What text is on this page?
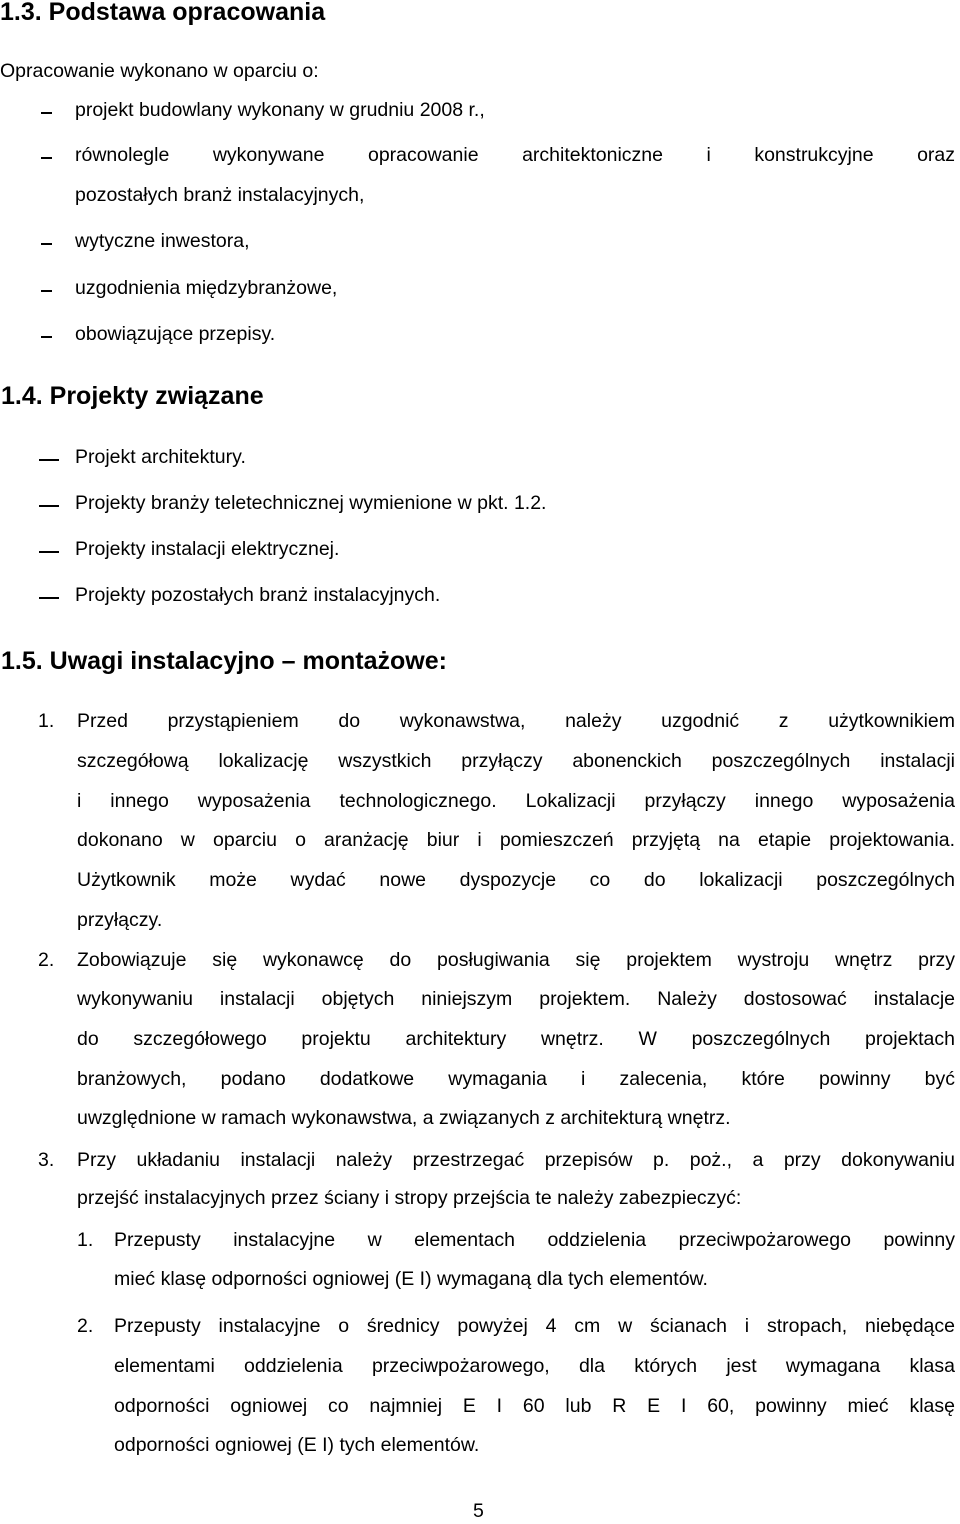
1.3. Podstawa opracowania
Opracowanie wykonano w oparciu o:
projekt budowlany wykonany w grudniu 2008 r.,
równolegle wykonywane opracowanie architektoniczne i konstrukcyjne oraz
pozostałych branż instalacyjnych,
wytyczne inwestora,
uzgodnienia międzybranżowe,
obowiązujące przepisy.
1.4. Projekty związane
Projekt architektury.
Projekty branży teletechnicznej wymienione w pkt. 1.2.
Projekty instalacji elektrycznej.
Projekty pozostałych branż instalacyjnych.
1.5. Uwagi instalacyjno – montażowe:
1. Przed przystąpieniem do wykonawstwa, należy uzgodnić z użytkownikiem
szczegółową lokalizację wszystkich przyłączy abonenckich poszczególnych instalacji
i innego wyposażenia technologicznego. Lokalizacji przyłączy innego wyposażenia
dokonano w oparciu o aranżację biur i pomieszczeń przyjętą na etapie projektowania.
Użytkownik może wydać nowe dyspozycje co do lokalizacji poszczególnych
przyłączy.
2. Zobowiązuje się wykonawcę do posługiwania się projektem wystroju wnętrz przy
wykonywaniu instalacji objętych niniejszym projektem. Należy dostosować instalacje
do szczegółowego projektu architektury wnętrz. W poszczególnych projektach
branżowych, podano dodatkowe wymagania i zalecenia, które powinny być
uwzględnione w ramach wykonawstwa, a związanych z architekturą wnętrz.
3. Przy układaniu instalacji należy przestrzegać przepisów p. poż., a przy dokonywaniu
przejść instalacyjnych przez ściany i stropy przejścia te należy zabezpieczyć:
1. Przepusty instalacyjne w elementach oddzielenia przeciwpożarowego powinny
mieć klasę odporności ogniowej (E I) wymaganą dla tych elementów.
2. Przepusty instalacyjne o średnicy powyżej 4 cm w ścianach i stropach, niebędące
elementami oddzielenia przeciwpożarowego, dla których jest wymagana klasa
odporności ogniowej co najmniej E I 60 lub R E I 60, powinny mieć klasę
odporności ogniowej (E I) tych elementów.
5
